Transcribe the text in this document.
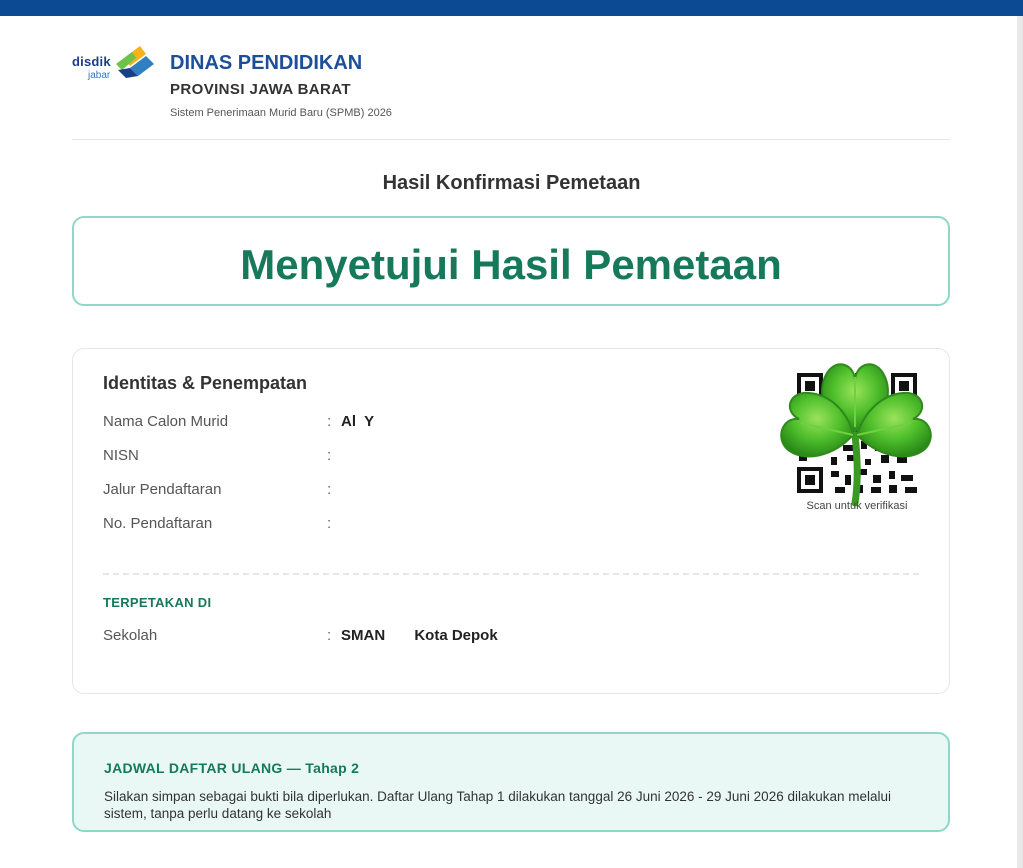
disdik
jabar
DINAS PENDIDIKAN
PROVINSI JAWA BARAT
Sistem Penerimaan Murid Baru (SPMB) 2026
Hasil Konfirmasi Pemetaan
Menyetujui Hasil Pemetaan
Identitas & Penempatan
Nama Calon Murid	: Al  Y
NISN	:
Jalur Pendaftaran	:
No. Pendaftaran	:
TERPETAKAN DI
Sekolah	: SMAN       Kota Depok
Scan untuk verifikasi
JADWAL DAFTAR ULANG — Tahap 2
Silakan simpan sebagai bukti bila diperlukan. Daftar Ulang Tahap 1 dilakukan tanggal 26 Juni 2026 - 29 Juni 2026 dilakukan melalui sistem, tanpa perlu datang ke sekolah
